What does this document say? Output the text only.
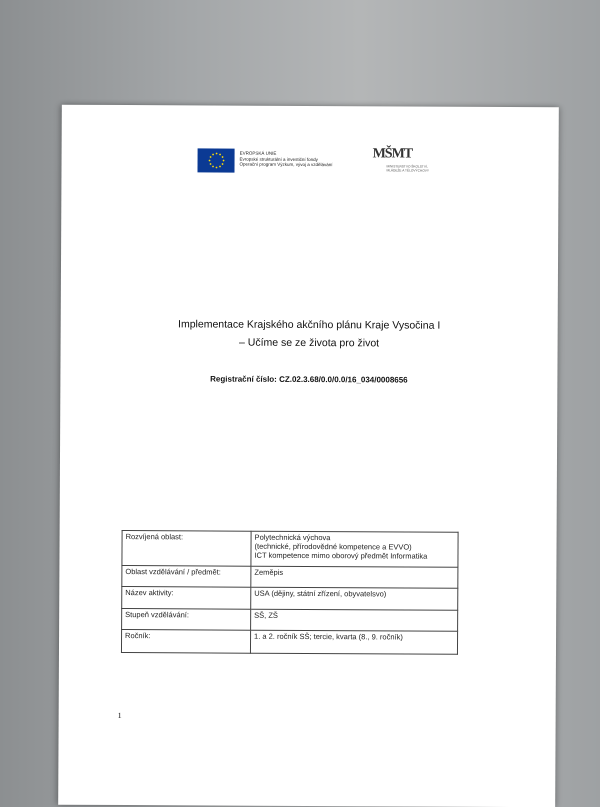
EVROPSKÁ UNIE
Evropské strukturální a investiční fondy
Operační program Výzkum, vývoj a vzdělávání
MŠMT
MINISTERSTVO ŠKOLSTVÍ,
MLÁDEŽE A TĚLOVÝCHOVY
Implementace Krajského akčního plánu Kraje Vysočina I
– Učíme se ze života pro život
Registrační číslo: CZ.02.3.68/0.0/0.0/16_034/0008656
Rozvíjená oblast:	Polytechnická výchova
(technické, přírodovědné kompetence a EVVO)
ICT kompetence mimo oborový předmět Informatika

Oblast vzdělávání / předmět:	Zeměpis
Název aktivity:	USA (dějiny, státní zřízení, obyvatelsvo)
Stupeň vzdělávání:	SŠ, ZŠ
Ročník:	1. a 2. ročník SŠ; tercie, kvarta (8., 9. ročník)
1
